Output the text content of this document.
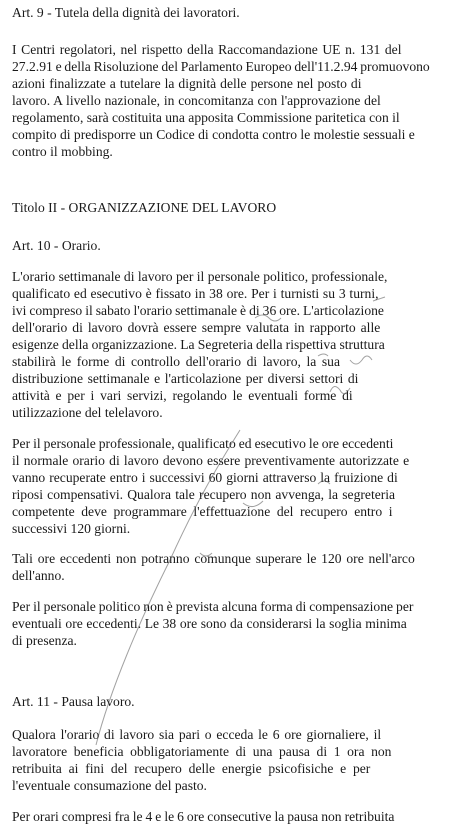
Art. 9 - Tutela della dignità dei lavoratori.
I Centri regolatori, nel rispetto della Raccomandazione UE n. 131 del
27.2.91 e della Risoluzione del Parlamento Europeo dell'11.2.94 promuovono
azioni finalizzate a tutelare la dignità delle persone nel posto di
lavoro. A livello nazionale, in concomitanza con l'approvazione del
regolamento, sarà costituita una apposita Commissione paritetica con il
compito di predisporre un Codice di condotta contro le molestie sessuali e
contro il mobbing.
Titolo II - ORGANIZZAZIONE DEL LAVORO
Art. 10 - Orario.
L'orario settimanale di lavoro per il personale politico, professionale,
qualificato ed esecutivo è fissato in 38 ore. Per i turnisti su 3 turni,
ivi compreso il sabato l'orario settimanale è di 36 ore. L'articolazione
dell'orario di lavoro dovrà essere sempre valutata in rapporto alle
esigenze della organizzazione. La Segreteria della rispettiva struttura
stabilirà le forme di controllo dell'orario di lavoro, la sua
distribuzione settimanale e l'articolazione per diversi settori di
attività e per i vari servizi, regolando le eventuali forme di
utilizzazione del telelavoro.
Per il personale professionale, qualificato ed esecutivo le ore eccedenti
il normale orario di lavoro devono essere preventivamente autorizzate e
vanno recuperate entro i successivi 60 giorni attraverso la fruizione di
riposi compensativi. Qualora tale recupero non avvenga, la segreteria
competente deve programmare l'effettuazione del recupero entro i
successivi 120 giorni.
Tali ore eccedenti non potranno comunque superare le 120 ore nell'arco
dell'anno.
Per il personale politico non è prevista alcuna forma di compensazione per
eventuali ore eccedenti. Le 38 ore sono da considerarsi la soglia minima
di presenza.
Art. 11 - Pausa lavoro.
Qualora l'orario di lavoro sia pari o ecceda le 6 ore giornaliere, il
lavoratore beneficia obbligatoriamente di una pausa di 1 ora non
retribuita ai fini del recupero delle energie psicofisiche e per
l'eventuale consumazione del pasto.
Per orari compresi fra le 4 e le 6 ore consecutive la pausa non retribuita
